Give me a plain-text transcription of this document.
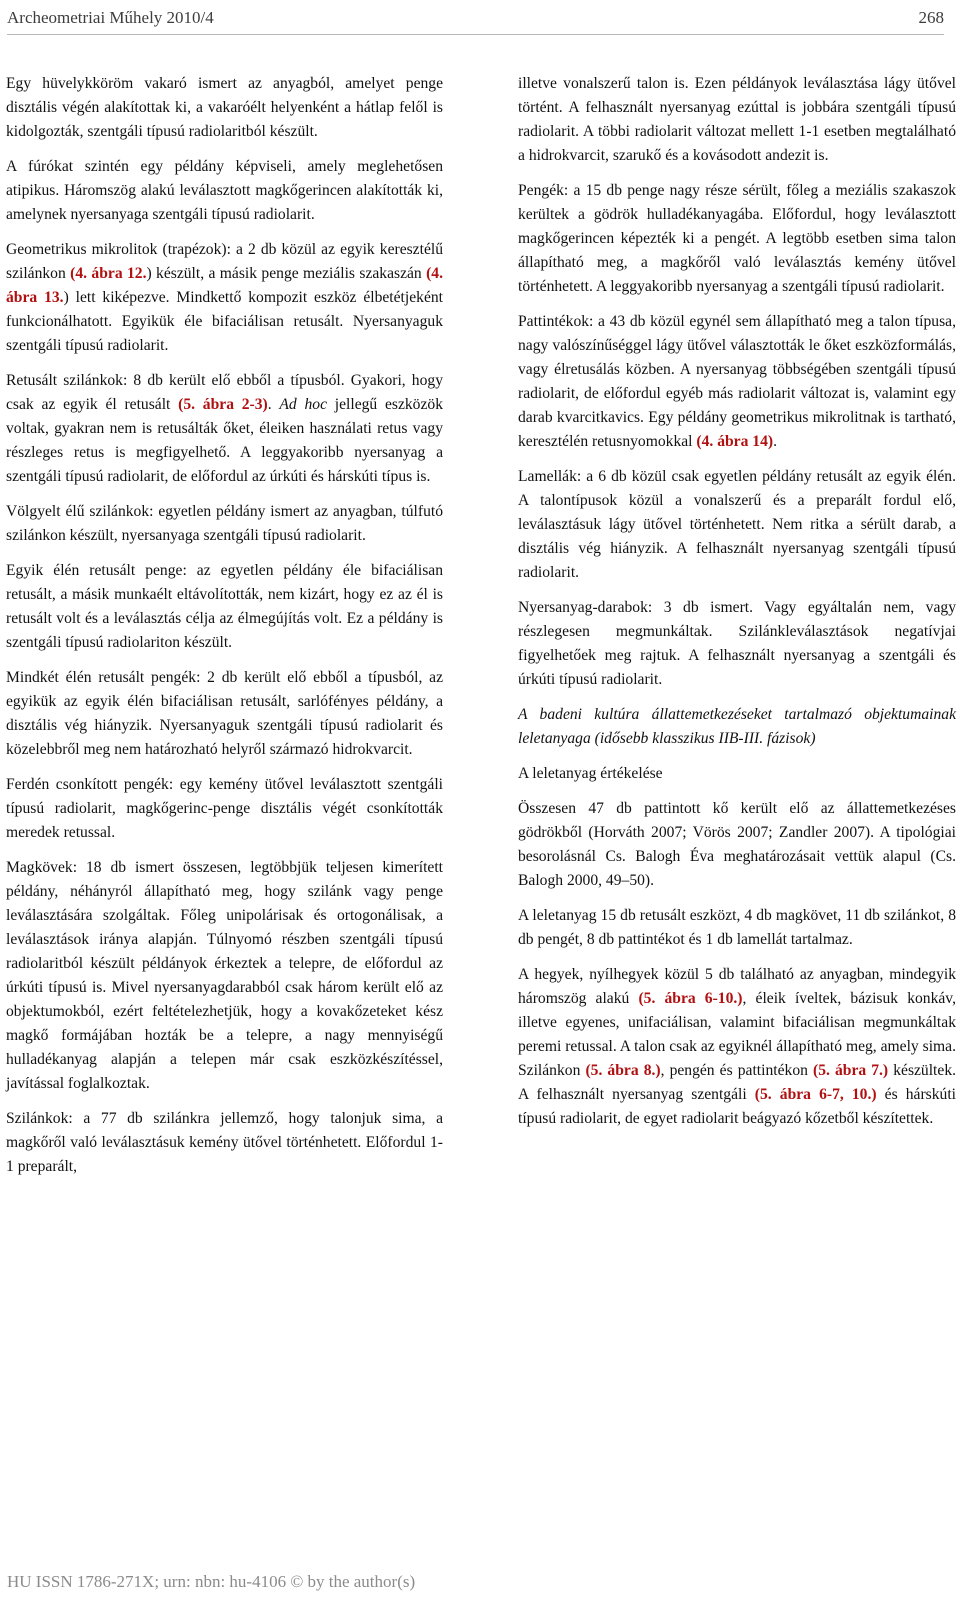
Archeometriai Műhely 2010/4	268

Egy hüvelykköröm vakaró ismert az anyagból, amelyet penge disztális végén alakítottak ki, a vakaróélt helyenként a hátlap felől is kidolgozták, szentgáli típusú radiolaritból készült.

A fúrókat szintén egy példány képviseli, amely meglehetősen atipikus. Háromszög alakú leválasztott magkőgerincen alakították ki, amelynek nyersanyaga szentgáli típusú radiolarit.

Geometrikus mikrolitok (trapézok): a 2 db közül az egyik keresztélű szilánkon (4. ábra 12.) készült, a másik penge meziális szakaszán (4. ábra 13.) lett kiképezve. Mindkettő kompozit eszköz élbetétjeként funkcionálhatott. Egyikük éle bifaciálisan retusált. Nyersanyaguk szentgáli típusú radiolarit.

Retusált szilánkok: 8 db került elő ebből a típusból. Gyakori, hogy csak az egyik él retusált (5. ábra 2-3). Ad hoc jellegű eszközök voltak, gyakran nem is retusálták őket, éleiken használati retus vagy részleges retus is megfigyelhető. A leggyakoribb nyersanyag a szentgáli típusú radiolarit, de előfordul az úrkúti és hárskúti típus is.

Völgyelt élű szilánkok: egyetlen példány ismert az anyagban, túlfutó szilánkon készült, nyersanyaga szentgáli típusú radiolarit.

Egyik élén retusált penge: az egyetlen példány éle bifaciálisan retusált, a másik munkaélt eltávolították, nem kizárt, hogy ez az él is retusált volt és a leválasztás célja az élmegújítás volt. Ez a példány is szentgáli típusú radiolariton készült.

Mindkét élén retusált pengék: 2 db került elő ebből a típusból, az egyikük az egyik élén bifaciálisan retusált, sarlófényes példány, a disztális vég hiányzik. Nyersanyaguk szentgáli típusú radiolarit és közelebbről meg nem határozható helyről származó hidrokvarcit.

Ferdén csonkított pengék: egy kemény ütővel leválasztott szentgáli típusú radiolarit, magkőgerinc-penge disztális végét csonkították meredek retussal.

Magkövek: 18 db ismert összesen, legtöbbjük teljesen kimerített példány, néhányról állapítható meg, hogy szilánk vagy penge leválasztására szolgáltak. Főleg unipolárisak és ortogonálisak, a leválasztások iránya alapján. Túlnyomó részben szentgáli típusú radiolaritból készült példányok érkeztek a telepre, de előfordul az úrkúti típusú is. Mivel nyersanyagdarabból csak három került elő az objektumokból, ezért feltételezhetjük, hogy a kovakőzeteket kész magkő formájában hozták be a telepre, a nagy mennyiségű hulladékanyag alapján a telepen már csak eszközkészítéssel, javítással foglalkoztak.

Szilánkok: a 77 db szilánkra jellemző, hogy talonjuk sima, a magkőről való leválasztásuk kemény ütővel történhetett. Előfordul 1-1 preparált,

illetve vonalszerű talon is. Ezen példányok leválasztása lágy ütővel történt. A felhasznált nyersanyag ezúttal is jobbára szentgáli típusú radiolarit. A többi radiolarit változat mellett 1-1 esetben megtalálható a hidrokvarcit, szarukő és a kovásodott andezit is.

Pengék: a 15 db penge nagy része sérült, főleg a meziális szakaszok kerültek a gödrök hulladékanyagába. Előfordul, hogy leválasztott magkőgerincen képezték ki a pengét. A legtöbb esetben sima talon állapítható meg, a magkőről való leválasztás kemény ütővel történhetett. A leggyakoribb nyersanyag a szentgáli típusú radiolarit.

Pattintékok: a 43 db közül egynél sem állapítható meg a talon típusa, nagy valószínűséggel lágy ütővel választották le őket eszközformálás, vagy élretusálás közben. A nyersanyag többségében szentgáli típusú radiolarit, de előfordul egyéb más radiolarit változat is, valamint egy darab kvarcitkavics. Egy példány geometrikus mikrolitnak is tartható, keresztélén retusnyomokkal (4. ábra 14).

Lamellák: a 6 db közül csak egyetlen példány retusált az egyik élén. A talontípusok közül a vonalszerű és a preparált fordul elő, leválasztásuk lágy ütővel történhetett. Nem ritka a sérült darab, a disztális vég hiányzik. A felhasznált nyersanyag szentgáli típusú radiolarit.

Nyersanyag-darabok: 3 db ismert. Vagy egyáltalán nem, vagy részlegesen megmunkáltak. Szilánkleválasztások negatívjai figyelhetőek meg rajtuk. A felhasznált nyersanyag a szentgáli és úrkúti típusú radiolarit.

A badeni kultúra állattemetkezéseket tartalmazó objektumainak leletanyaga (idősebb klasszikus IIB-III. fázisok)

A leletanyag értékelése

Összesen 47 db pattintott kő került elő az állattemetkezéses gödrökből (Horváth 2007; Vörös 2007; Zandler 2007). A tipológiai besorolásnál Cs. Balogh Éva meghatározásait vettük alapul (Cs. Balogh 2000, 49–50).

A leletanyag 15 db retusált eszközt, 4 db magkövet, 11 db szilánkot, 8 db pengét, 8 db pattintékot és 1 db lamellát tartalmaz.

A hegyek, nyílhegyek közül 5 db található az anyagban, mindegyik háromszög alakú (5. ábra 6-10.), éleik íveltek, bázisuk konkáv, illetve egyenes, unifaciálisan, valamint bifaciálisan megmunkáltak peremi retussal. A talon csak az egyiknél állapítható meg, amely sima. Szilánkon (5. ábra 8.), pengén és pattintékon (5. ábra 7.) készültek. A felhasznált nyersanyag szentgáli (5. ábra 6-7, 10.) és hárskúti típusú radiolarit, de egyet radiolarit beágyazó kőzetből készítettek.

HU ISSN 1786-271X; urn: nbn: hu-4106 © by the author(s)
